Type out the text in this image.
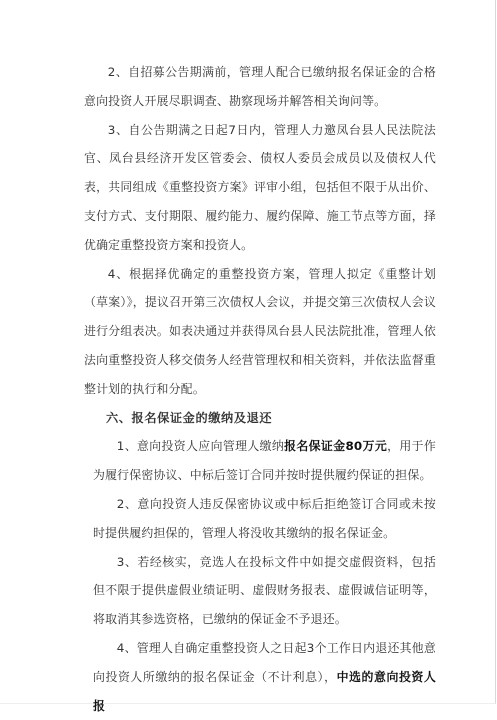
2、自招募公告期满前，管理人配合已缴纳报名保证金的合格意向投资人开展尽职调查、勘察现场并解答相关询问等。

3、自公告期满之日起7日内，管理人力邀凤台县人民法院法官、凤台县经济开发区管委会、债权人委员会成员以及债权人代表，共同组成《重整投资方案》评审小组，包括但不限于从出价、支付方式、支付期限、履约能力、履约保障、施工节点等方面，择优确定重整投资方案和投资人。

4、根据择优确定的重整投资方案，管理人拟定《重整计划（草案）》，提议召开第三次债权人会议，并提交第三次债权人会议进行分组表决。如表决通过并获得凤台县人民法院批准，管理人依法向重整投资人移交债务人经营管理权和相关资料，并依法监督重整计划的执行和分配。

六、报名保证金的缴纳及退还

1、意向投资人应向管理人缴纳报名保证金80万元，用于作为履行保密协议、中标后签订合同并按时提供履约保证的担保。

2、意向投资人违反保密协议或中标后拒绝签订合同或未按时提供履约担保的，管理人将没收其缴纳的报名保证金。

3、若经核实，竞选人在投标文件中如提交虚假资料，包括但不限于提供虚假业绩证明、虚假财务报表、虚假诚信证明等，将取消其参选资格，已缴纳的保证金不予退还。

4、管理人自确定重整投资人之日起3个工作日内退还其他意向投资人所缴纳的报名保证金（不计利息），中选的意向投资人报
